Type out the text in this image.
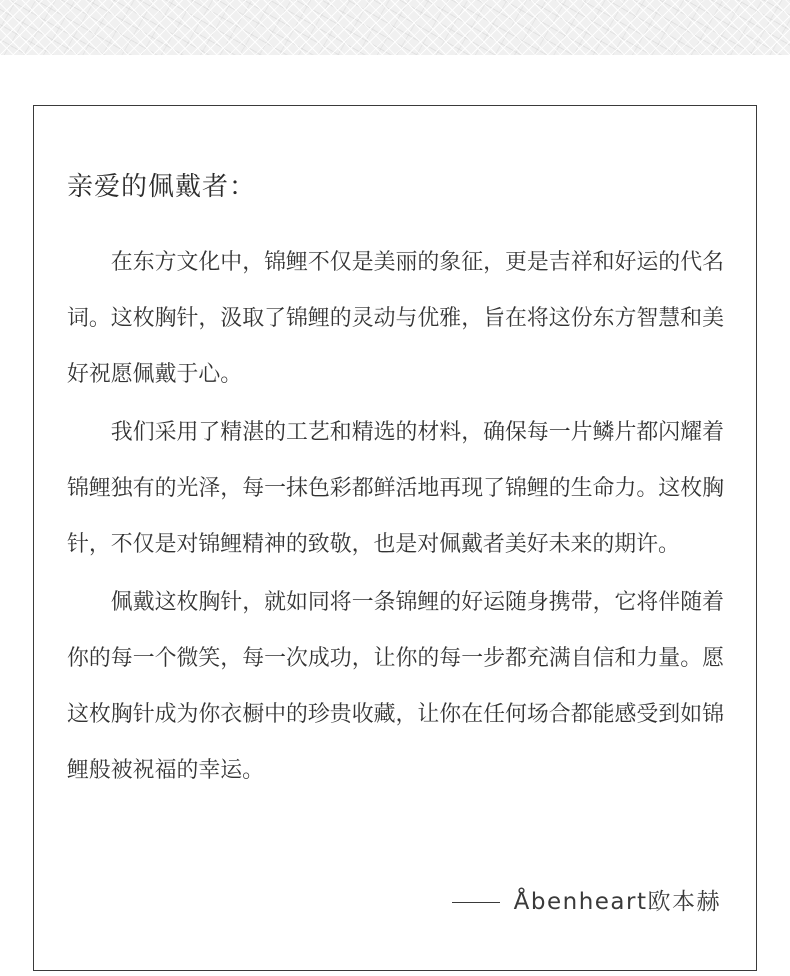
亲爱的佩戴者：

在东方文化中，锦鲤不仅是美丽的象征，更是吉祥和好运的代名词。这枚胸针，汲取了锦鲤的灵动与优雅，旨在将这份东方智慧和美好祝愿佩戴于心。

我们采用了精湛的工艺和精选的材料，确保每一片鳞片都闪耀着锦鲤独有的光泽，每一抹色彩都鲜活地再现了锦鲤的生命力。这枚胸针，不仅是对锦鲤精神的致敬，也是对佩戴者美好未来的期许。

佩戴这枚胸针，就如同将一条锦鲤的好运随身携带，它将伴随着你的每一个微笑，每一次成功，让你的每一步都充满自信和力量。愿这枚胸针成为你衣橱中的珍贵收藏，让你在任何场合都能感受到如锦鲤般被祝福的幸运。

Åbenheart欧本赫
